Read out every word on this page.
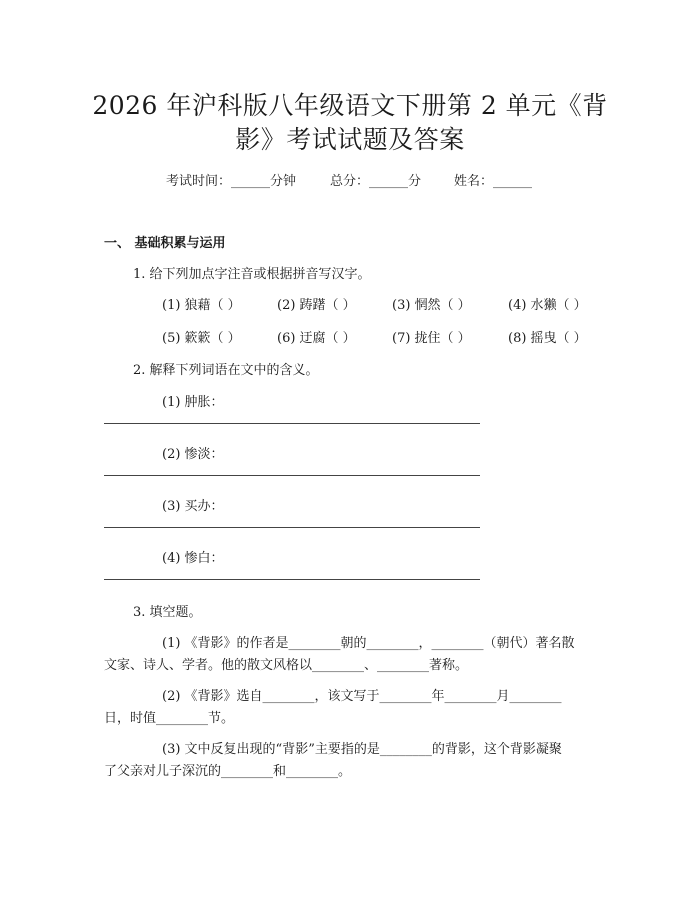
2026 年沪科版八年级语文下册第 2 单元《背
影》考试试题及答案
考试时间：______分钟	总分：______分	姓名：______
一、 基础积累与运用
1. 给下列加点字注音或根据拼音写汉字。
(1) 狼藉（ ）	(2) 踌躇（ ）	(3) 惘然（ ）	(4) 水獭（ ）
(5) 簌簌（ ）	(6) 迂腐（ ）	(7) 拢住（ ）	(8) 摇曳（ ）
2. 解释下列词语在文中的含义。
(1) 肿胀：
(2) 惨淡：
(3) 买办：
(4) 惨白：
3. 填空题。
(1) 《背影》的作者是________朝的________，________（朝代）著名散
文家、诗人、学者。他的散文风格以________、________著称。
(2) 《背影》选自________，该文写于________年________月________
日，时值________节。
(3) 文中反复出现的“背影”主要指的是________的背影，这个背影凝聚
了父亲对儿子深沉的________和________。
